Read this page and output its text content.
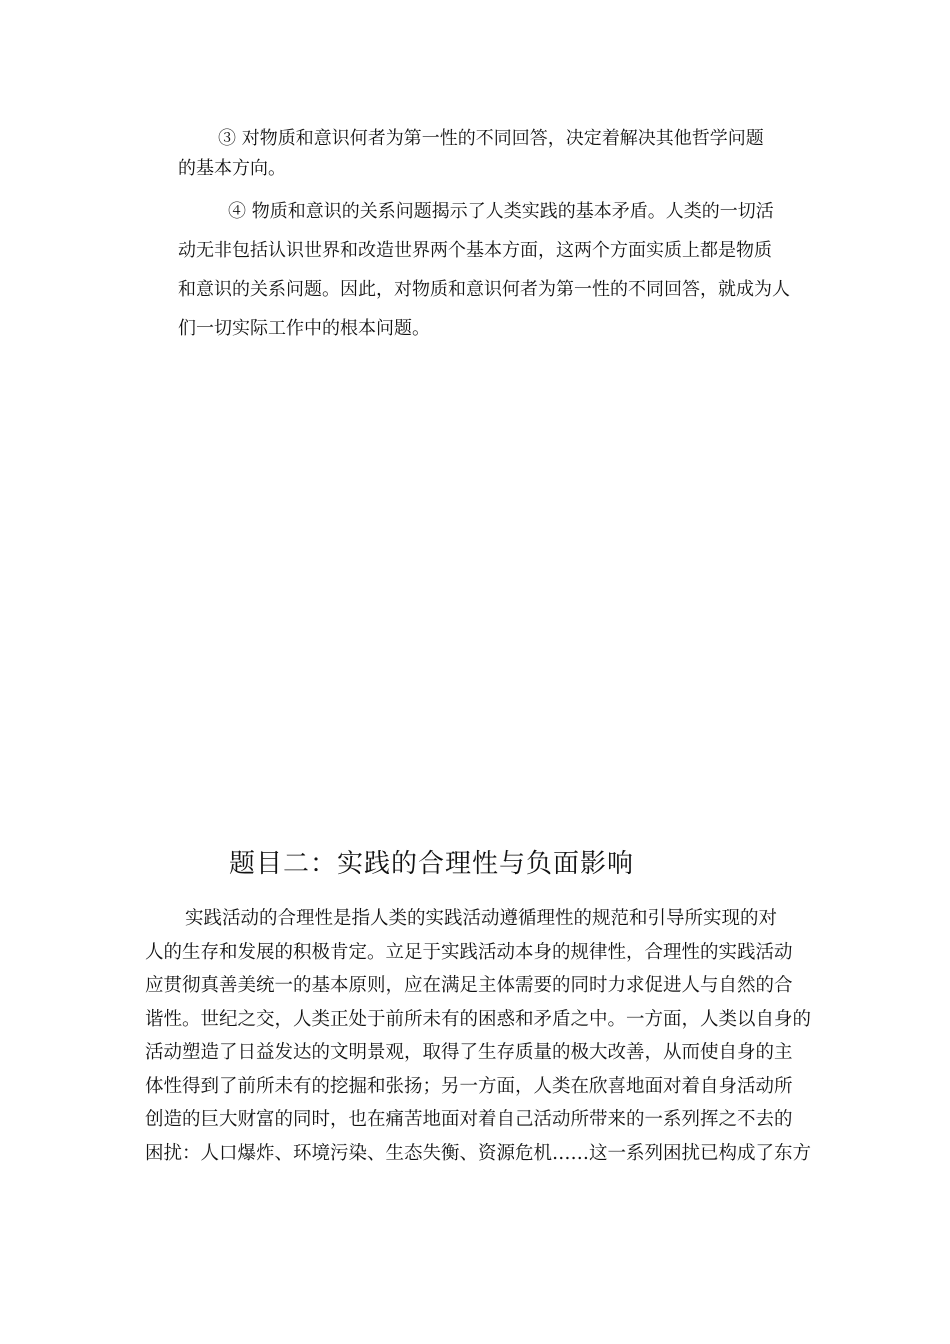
③ 对物质和意识何者为第一性的不同回答，决定着解决其他哲学问题
的基本方向。
④ 物质和意识的关系问题揭示了人类实践的基本矛盾。人类的一切活
动无非包括认识世界和改造世界两个基本方面，这两个方面实质上都是物质
和意识的关系问题。因此，对物质和意识何者为第一性的不同回答，就成为人
们一切实际工作中的根本问题。
题目二：实践的合理性与负面影响
实践活动的合理性是指人类的实践活动遵循理性的规范和引导所实现的对
人的生存和发展的积极肯定。立足于实践活动本身的规律性，合理性的实践活动
应贯彻真善美统一的基本原则，应在满足主体需要的同时力求促进人与自然的合
谐性。世纪之交，人类正处于前所未有的困惑和矛盾之中。一方面，人类以自身的
活动塑造了日益发达的文明景观，取得了生存质量的极大改善，从而使自身的主
体性得到了前所未有的挖掘和张扬；另一方面，人类在欣喜地面对着自身活动所
创造的巨大财富的同时，也在痛苦地面对着自己活动所带来的一系列挥之不去的
困扰：人口爆炸、环境污染、生态失衡、资源危机……这一系列困扰已构成了东方
